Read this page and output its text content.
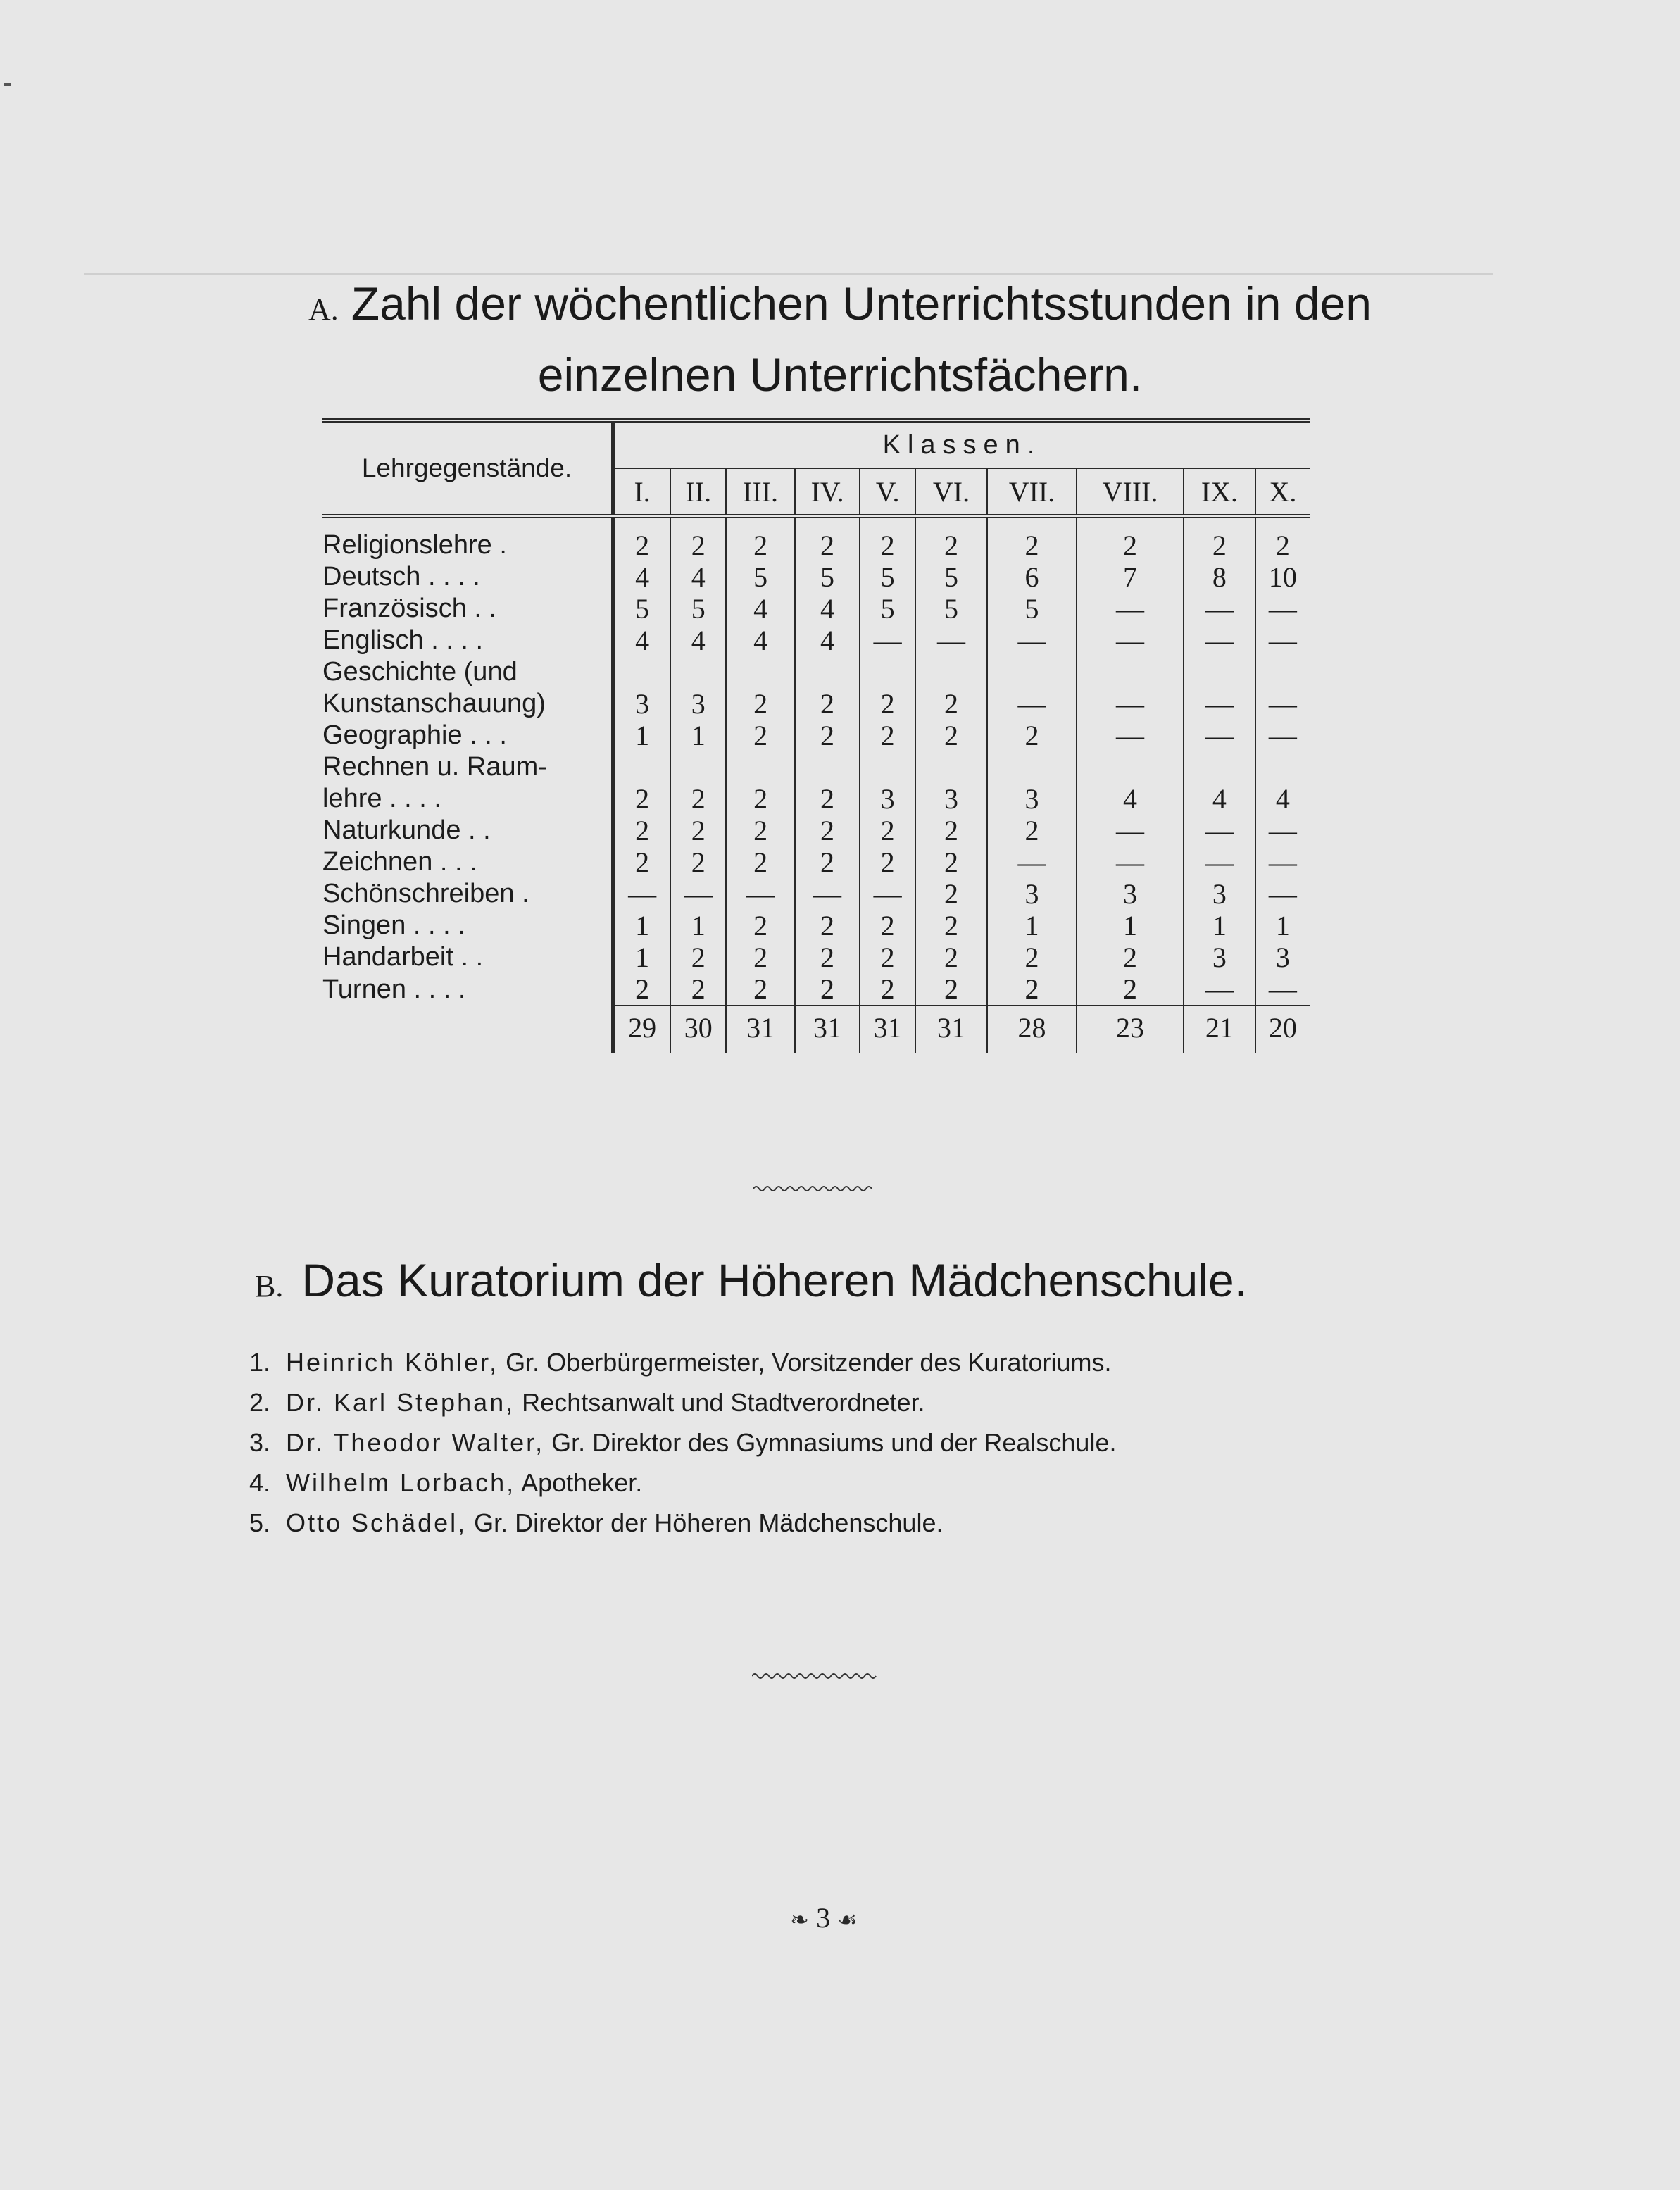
A. Zahl der wöchentlichen Unterrichtsstunden in den
einzelnen Unterrichtsfächern.
Lehrgegenstände.	Klassen.									
	I.	II.	III.	IV.	V.	VI.	VII.	VIII.	IX.	X.
Religionslehre .	2	2	2	2	2	2	2	2	2	2
Deutsch . . . .	4	4	5	5	5	5	6	7	8	10
Französisch . .	5	5	4	4	5	5	5	—	—	—
Englisch . . . .	4	4	4	4	—	—	—	—	—	—
Geschichte (und										
Kunstanschauung)	3	3	2	2	2	2	—	—	—	—
Geographie . . .	1	1	2	2	2	2	2	—	—	—
Rechnen u. Raum-										
lehre . . . .	2	2	2	2	3	3	3	4	4	4
Naturkunde . .	2	2	2	2	2	2	2	—	—	—
Zeichnen . . .	2	2	2	2	2	2	—	—	—	—
Schönschreiben .	—	—	—	—	—	2	3	3	3	—
Singen . . . .	1	1	2	2	2	2	1	1	1	1
Handarbeit . .	1	2	2	2	2	2	2	2	3	3
Turnen . . . .	2	2	2	2	2	2	2	2	—	—
	29	30	31	31	31	31	28	23	21	20
B. Das Kuratorium der Höheren Mädchenschule.
1. Heinrich Köhler, Gr. Oberbürgermeister, Vorsitzender des Kuratoriums.
2. Dr. Karl Stephan, Rechtsanwalt und Stadtverordneter.
3. Dr. Theodor Walter, Gr. Direktor des Gymnasiums und der Realschule.
4. Wilhelm Lorbach, Apotheker.
5. Otto Schädel, Gr. Direktor der Höheren Mädchenschule.
❧ 3 ☙
